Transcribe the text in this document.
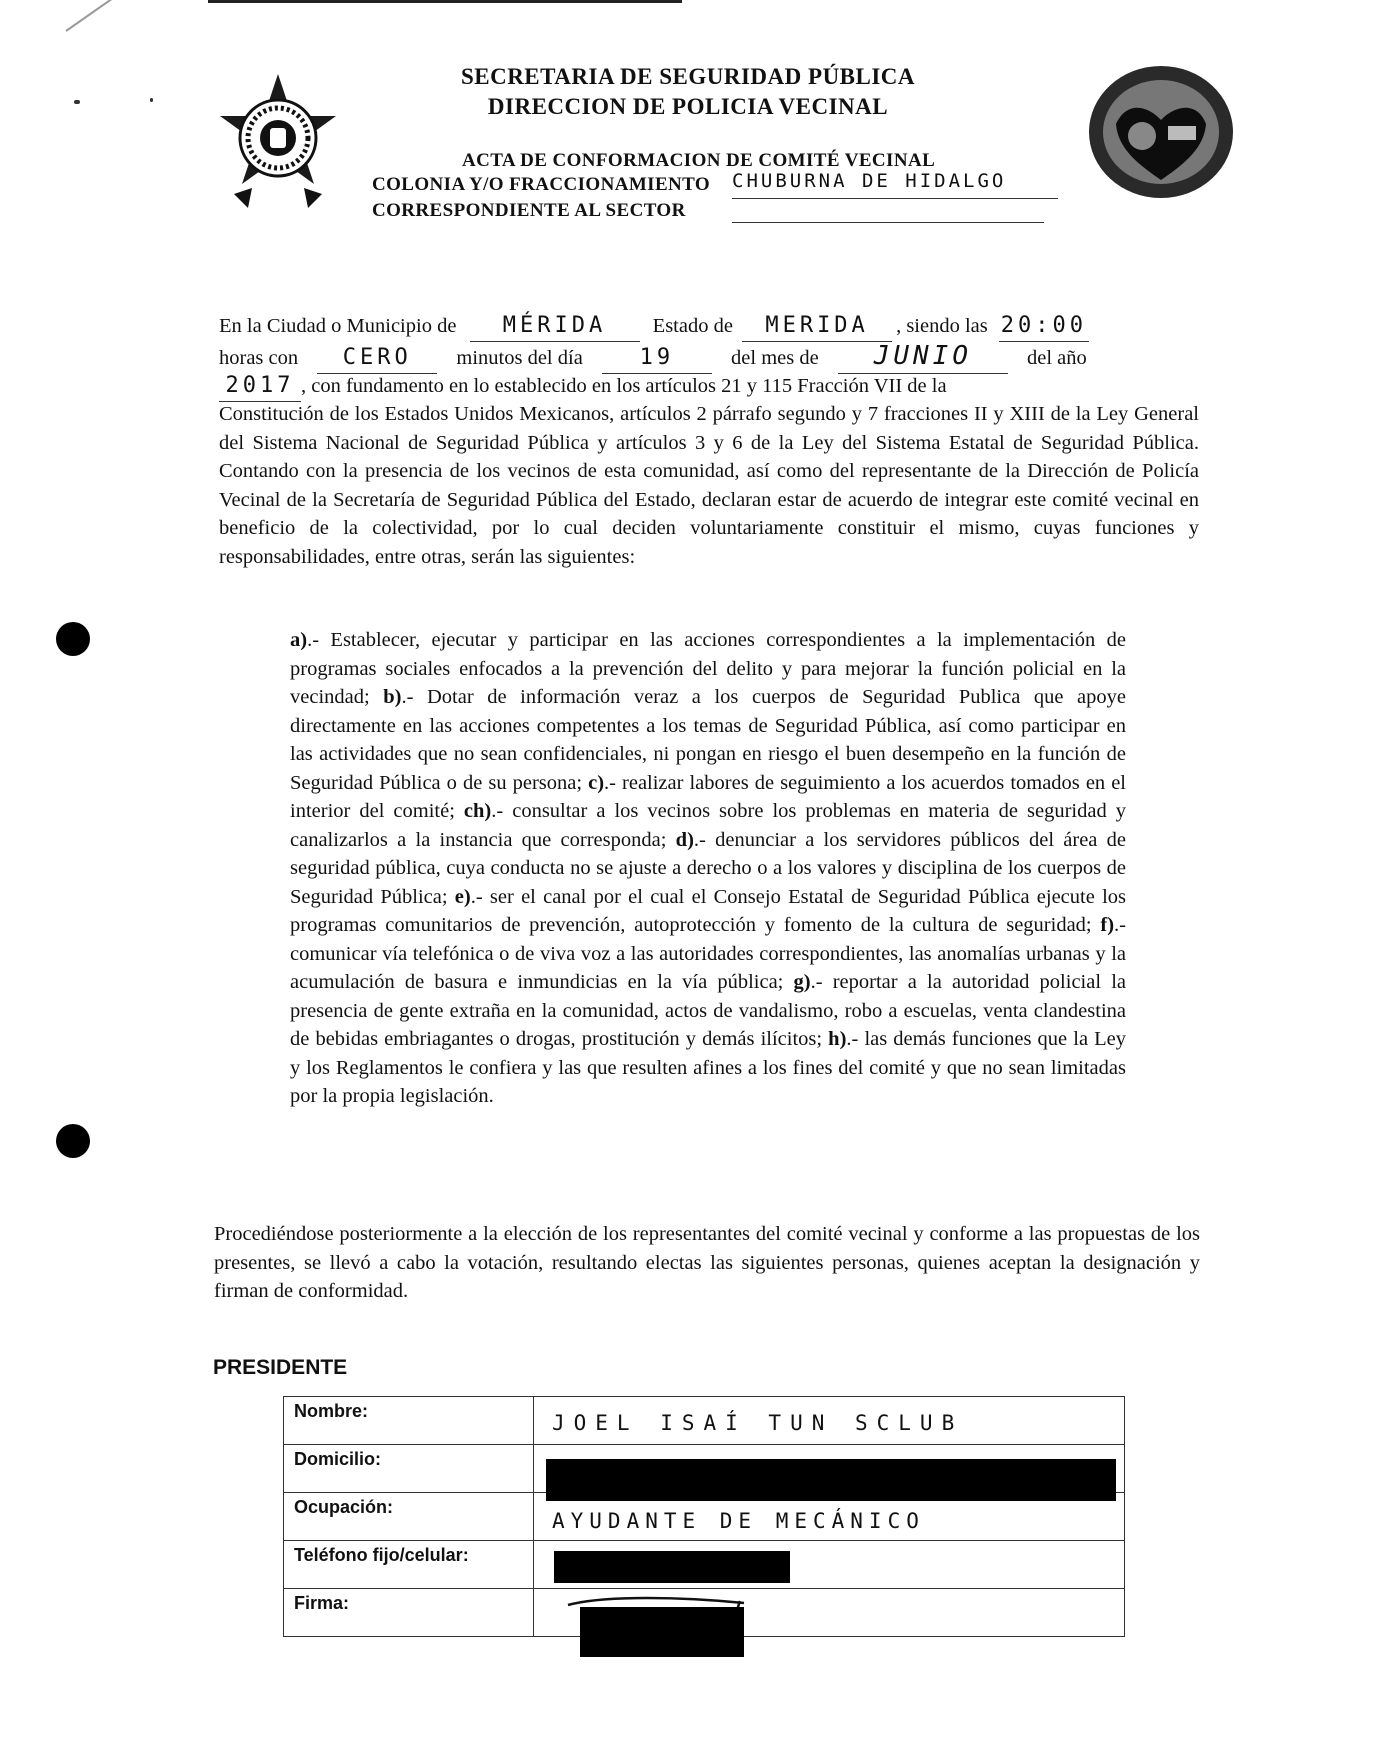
SECRETARIA DE SEGURIDAD PÚBLICA
DIRECCION DE POLICIA VECINAL
ACTA DE CONFORMACION DE COMITÉ VECINAL
COLONIA Y/O FRACCIONAMIENTO CHUBURNA DE HIDALGO
CORRESPONDIENTE AL SECTOR
En la Ciudad o Municipio de MÉRIDA Estado de MERIDA , siendo las 20:00
horas con CERO minutos del día	19	del mes de JUNIO	del año
2017 , con fundamento en lo establecido en los artículos 21 y 115 Fracción VII de la
Constitución de los Estados Unidos Mexicanos, artículos 2 párrafo segundo y 7 fracciones II y XIII de la Ley General del Sistema Nacional de Seguridad Pública y artículos 3 y 6 de la Ley del Sistema Estatal de Seguridad Pública. Contando con la presencia de los vecinos de esta comunidad, así como del representante de la Dirección de Policía Vecinal de la Secretaría de Seguridad Pública del Estado, declaran estar de acuerdo de integrar este comité vecinal en beneficio de la colectividad, por lo cual deciden voluntariamente constituir el mismo, cuyas funciones y responsabilidades, entre otras, serán las siguientes:
a).- Establecer, ejecutar y participar en las acciones correspondientes a la implementación de programas sociales enfocados a la prevención del delito y para mejorar la función policial en la vecindad; b).- Dotar de información veraz a los cuerpos de Seguridad Publica que apoye directamente en las acciones competentes a los temas de Seguridad Pública, así como participar en las actividades que no sean confidenciales, ni pongan en riesgo el buen desempeño en la función de Seguridad Pública o de su persona; c).- realizar labores de seguimiento a los acuerdos tomados en el interior del comité; ch).- consultar a los vecinos sobre los problemas en materia de seguridad y canalizarlos a la instancia que corresponda; d).- denunciar a los servidores públicos del área de seguridad pública, cuya conducta no se ajuste a derecho o a los valores y disciplina de los cuerpos de Seguridad Pública; e).- ser el canal por el cual el Consejo Estatal de Seguridad Pública ejecute los programas comunitarios de prevención, autoprotección y fomento de la cultura de seguridad; f).- comunicar vía telefónica o de viva voz a las autoridades correspondientes, las anomalías urbanas y la acumulación de basura e inmundicias en la vía pública; g).- reportar a la autoridad policial la presencia de gente extraña en la comunidad, actos de vandalismo, robo a escuelas, venta clandestina de bebidas embriagantes o drogas, prostitución y demás ilícitos; h).- las demás funciones que la Ley y los Reglamentos le confiera y las que resulten afines a los fines del comité y que no sean limitadas por la propia legislación.
Procediéndose posteriormente a la elección de los representantes del comité vecinal y conforme a las propuestas de los presentes, se llevó a cabo la votación, resultando electas las siguientes personas, quienes aceptan la designación y firman de conformidad.
PRESIDENTE
Nombre:	JOEL ISAÍ TUN SCLUB

Domicilio:	

Ocupación:	AYUDANTE DE MECÁNICO

Teléfono fijo/celular:	

Firma:	
